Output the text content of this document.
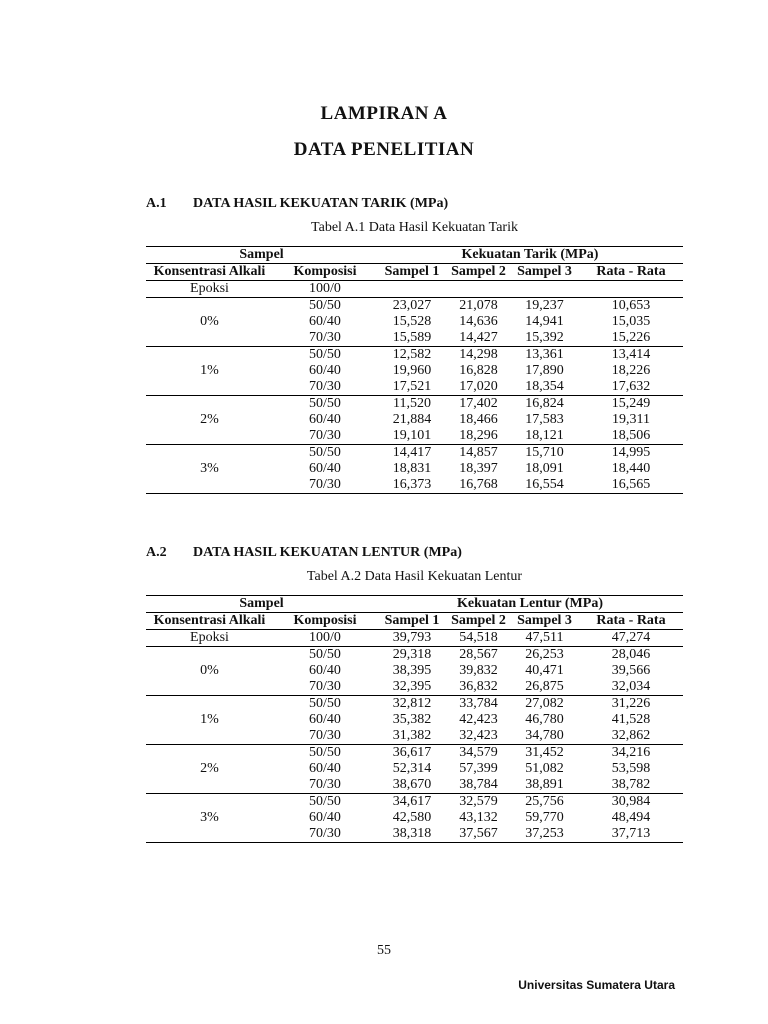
LAMPIRAN A
DATA PENELITIAN
A.1 DATA HASIL KEKUATAN TARIK (MPa)
Tabel A.1 Data Hasil Kekuatan Tarik
Sampel		Kekuatan Tarik (MPa)			
Konsentrasi Alkali	Komposisi	Sampel 1	Sampel 2	Sampel 3	Rata - Rata
Epoksi	100/0				
0%	50/50	23,027	21,078	19,237	10,653
	60/40	15,528	14,636	14,941	15,035
	70/30	15,589	14,427	15,392	15,226
1%	50/50	12,582	14,298	13,361	13,414
	60/40	19,960	16,828	17,890	18,226
	70/30	17,521	17,020	18,354	17,632
2%	50/50	11,520	17,402	16,824	15,249
	60/40	21,884	18,466	17,583	19,311
	70/30	19,101	18,296	18,121	18,506
3%	50/50	14,417	14,857	15,710	14,995
	60/40	18,831	18,397	18,091	18,440
	70/30	16,373	16,768	16,554	16,565
A.2 DATA HASIL KEKUATAN LENTUR (MPa)
Tabel A.2 Data Hasil Kekuatan Lentur
Sampel		Kekuatan Lentur (MPa)			
Konsentrasi Alkali	Komposisi	Sampel 1	Sampel 2	Sampel 3	Rata - Rata
Epoksi	100/0	39,793	54,518	47,511	47,274
0%	50/50	29,318	28,567	26,253	28,046
	60/40	38,395	39,832	40,471	39,566
	70/30	32,395	36,832	26,875	32,034
1%	50/50	32,812	33,784	27,082	31,226
	60/40	35,382	42,423	46,780	41,528
	70/30	31,382	32,423	34,780	32,862
2%	50/50	36,617	34,579	31,452	34,216
	60/40	52,314	57,399	51,082	53,598
	70/30	38,670	38,784	38,891	38,782
3%	50/50	34,617	32,579	25,756	30,984
	60/40	42,580	43,132	59,770	48,494
	70/30	38,318	37,567	37,253	37,713
55
Universitas Sumatera Utara
